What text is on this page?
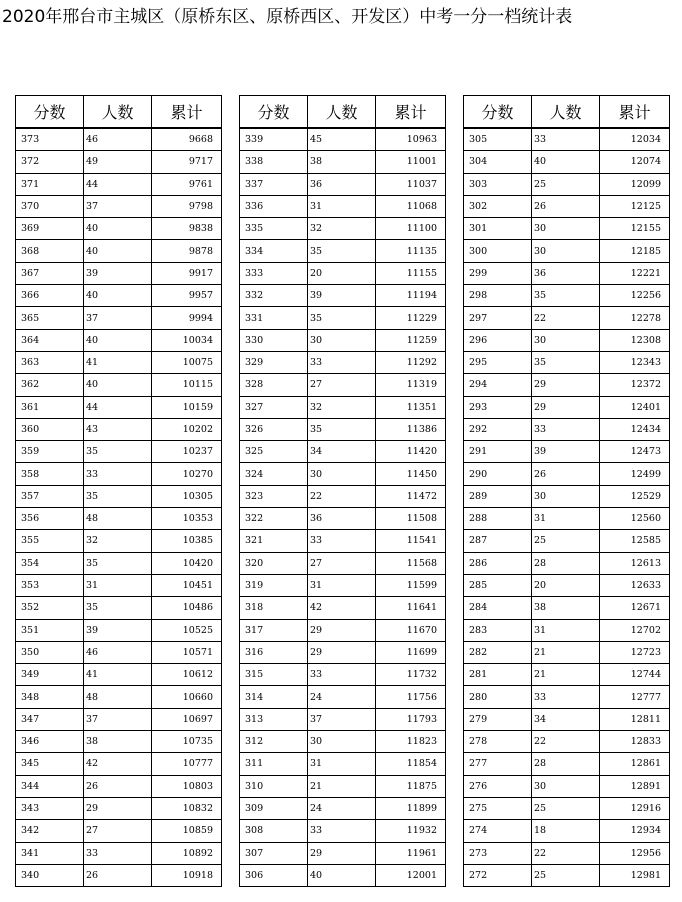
2020年邢台市主城区（原桥东区、原桥西区、开发区）中考一分一档统计表
分数	人数	累计
373	46	9668
372	49	9717
371	44	9761
370	37	9798
369	40	9838
368	40	9878
367	39	9917
366	40	9957
365	37	9994
364	40	10034
363	41	10075
362	40	10115
361	44	10159
360	43	10202
359	35	10237
358	33	10270
357	35	10305
356	48	10353
355	32	10385
354	35	10420
353	31	10451
352	35	10486
351	39	10525
350	46	10571
349	41	10612
348	48	10660
347	37	10697
346	38	10735
345	42	10777
344	26	10803
343	29	10832
342	27	10859
341	33	10892
340	26	10918
分数	人数	累计
339	45	10963
338	38	11001
337	36	11037
336	31	11068
335	32	11100
334	35	11135
333	20	11155
332	39	11194
331	35	11229
330	30	11259
329	33	11292
328	27	11319
327	32	11351
326	35	11386
325	34	11420
324	30	11450
323	22	11472
322	36	11508
321	33	11541
320	27	11568
319	31	11599
318	42	11641
317	29	11670
316	29	11699
315	33	11732
314	24	11756
313	37	11793
312	30	11823
311	31	11854
310	21	11875
309	24	11899
308	33	11932
307	29	11961
306	40	12001
分数	人数	累计
305	33	12034
304	40	12074
303	25	12099
302	26	12125
301	30	12155
300	30	12185
299	36	12221
298	35	12256
297	22	12278
296	30	12308
295	35	12343
294	29	12372
293	29	12401
292	33	12434
291	39	12473
290	26	12499
289	30	12529
288	31	12560
287	25	12585
286	28	12613
285	20	12633
284	38	12671
283	31	12702
282	21	12723
281	21	12744
280	33	12777
279	34	12811
278	22	12833
277	28	12861
276	30	12891
275	25	12916
274	18	12934
273	22	12956
272	25	12981
